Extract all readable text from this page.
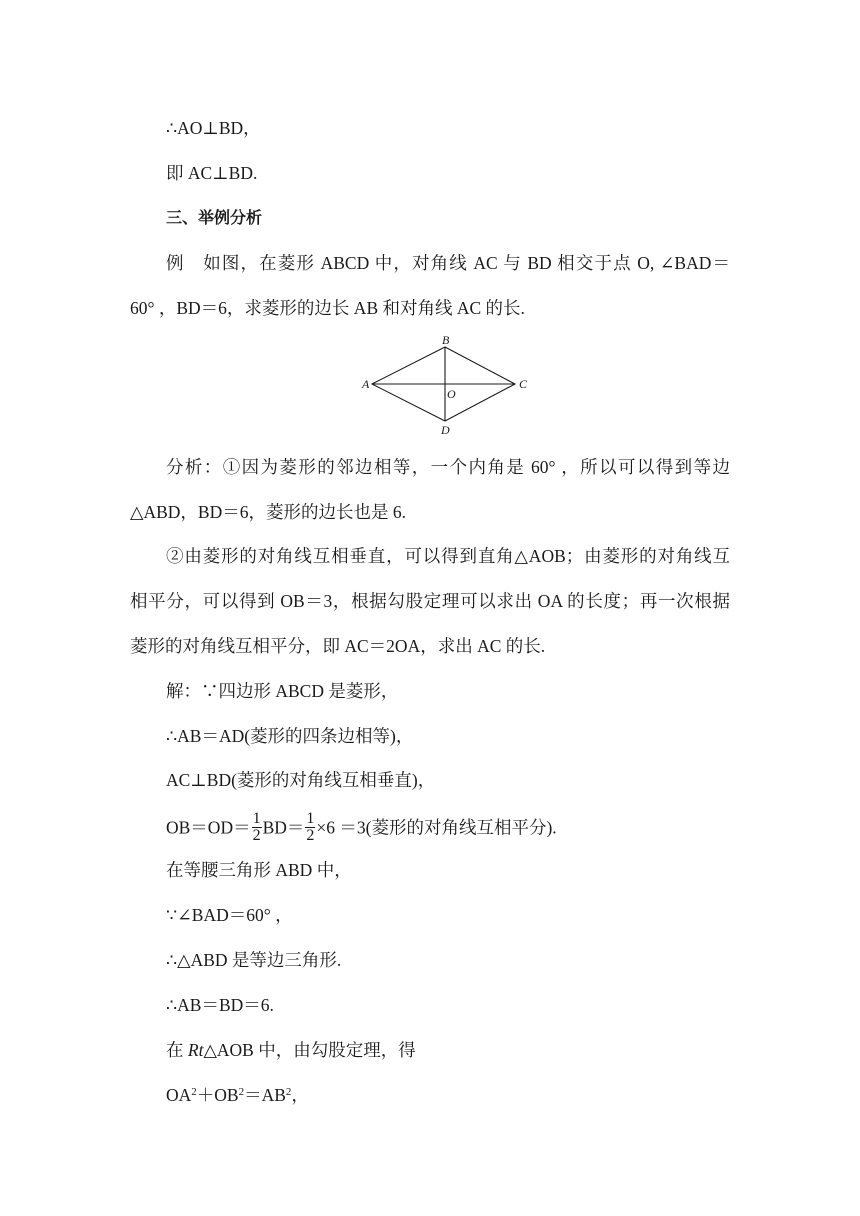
∴AO⊥BD，
即 AC⊥BD.
三、举例分析
例　如图，在菱形 ABCD 中，对角线 AC 与 BD 相交于点 O, ∠BAD＝
60° ，BD＝6，求菱形的边长 AB 和对角线 AC 的长.
A
B
C
D
O
分析：①因为菱形的邻边相等，一个内角是 60° ，所以可以得到等边
△ABD，BD＝6，菱形的边长也是 6.
②由菱形的对角线互相垂直，可以得到直角△AOB；由菱形的对角线互
相平分，可以得到 OB＝3，根据勾股定理可以求出 OA 的长度；再一次根据
菱形的对角线互相平分，即 AC＝2OA，求出 AC 的长.
解：∵四边形 ABCD 是菱形，
∴AB＝AD(菱形的四条边相等)，
AC⊥BD(菱形的对角线互相垂直)，
$OB=OD= \frac{1}{2} BD= \frac{1}{2} \times 6 =3$(菱形的对角线互相平分).
在等腰三角形 ABD 中，
∵∠BAD＝60° ，
∴△ABD 是等边三角形.
∴AB＝BD＝6.
在 Rt△AOB 中，由勾股定理，得
$OA^2+OB^2=AB^2$，
